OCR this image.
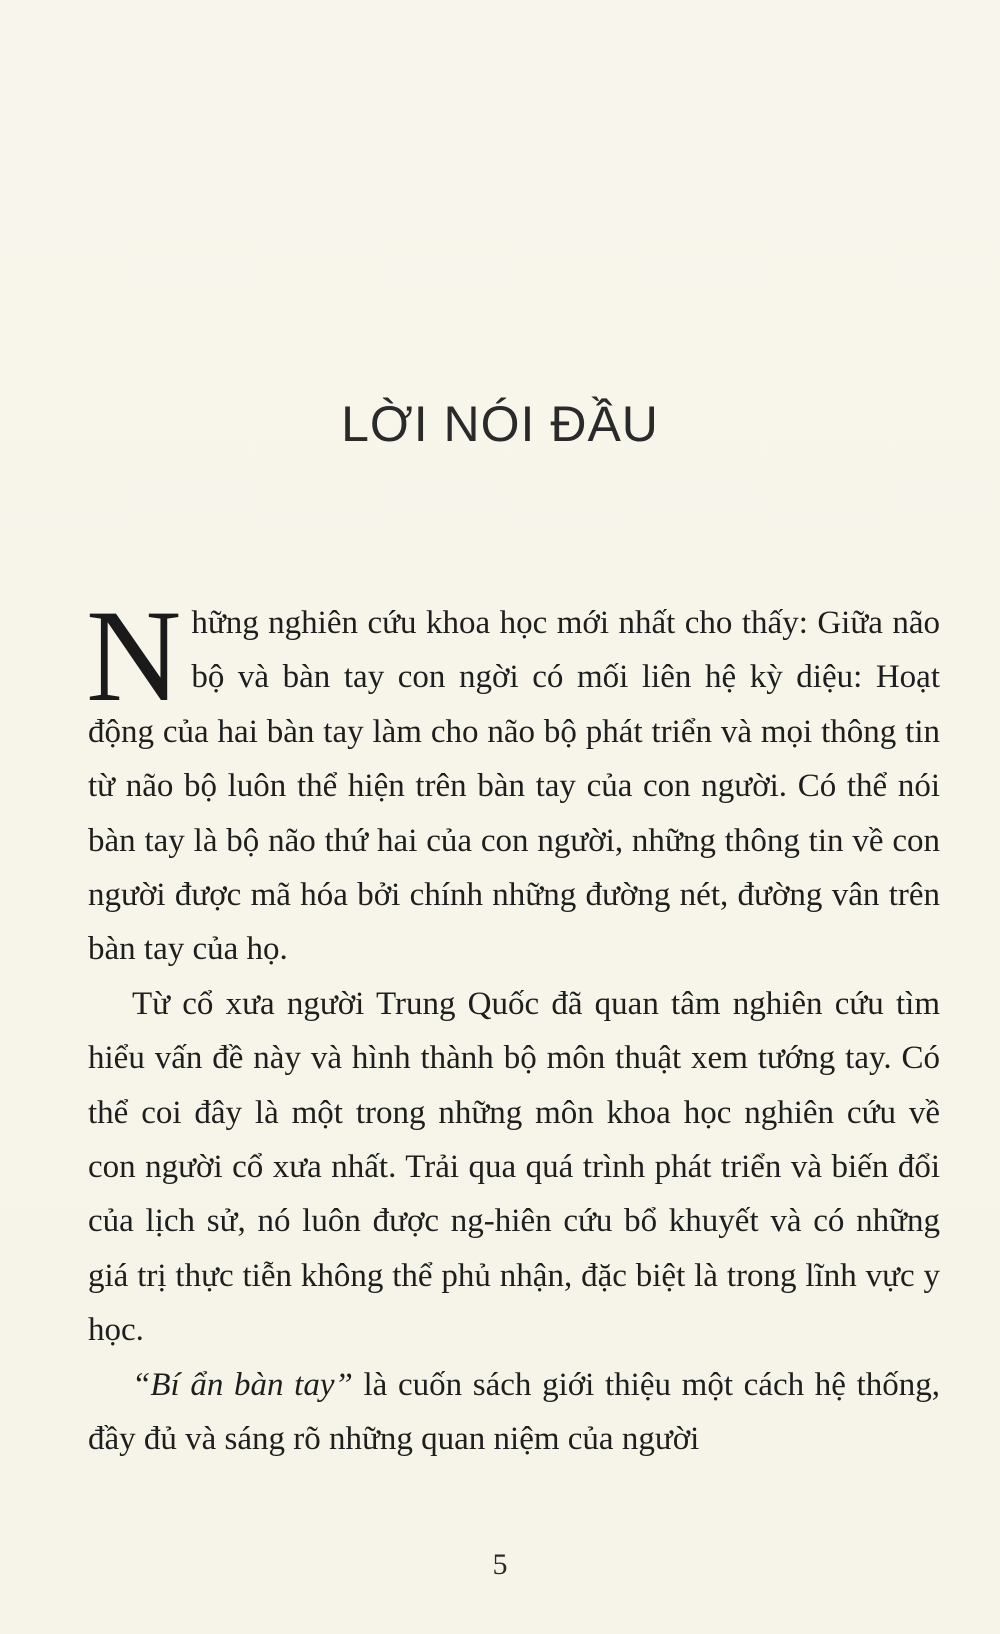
LỜI NÓI ĐẦU

Những nghiên cứu khoa học mới nhất cho thấy: Giữa não bộ và bàn tay con ngời có mối liên hệ kỳ diệu: Hoạt động của hai bàn tay làm cho não bộ phát triển và mọi thông tin từ não bộ luôn thể hiện trên bàn tay của con người. Có thể nói bàn tay là bộ não thứ hai của con người, những thông tin về con người được mã hóa bởi chính những đường nét, đường vân trên bàn tay của họ.

Từ cổ xưa người Trung Quốc đã quan tâm nghiên cứu tìm hiểu vấn đề này và hình thành bộ môn thuật xem tướng tay. Có thể coi đây là một trong những môn khoa học nghiên cứu về con người cổ xưa nhất. Trải qua quá trình phát triển và biến đổi của lịch sử, nó luôn được ng-hiên cứu bổ khuyết và có những giá trị thực tiễn không thể phủ nhận, đặc biệt là trong lĩnh vực y học.

“Bí ẩn bàn tay” là cuốn sách giới thiệu một cách hệ thống, đầy đủ và sáng rõ những quan niệm của người

5
